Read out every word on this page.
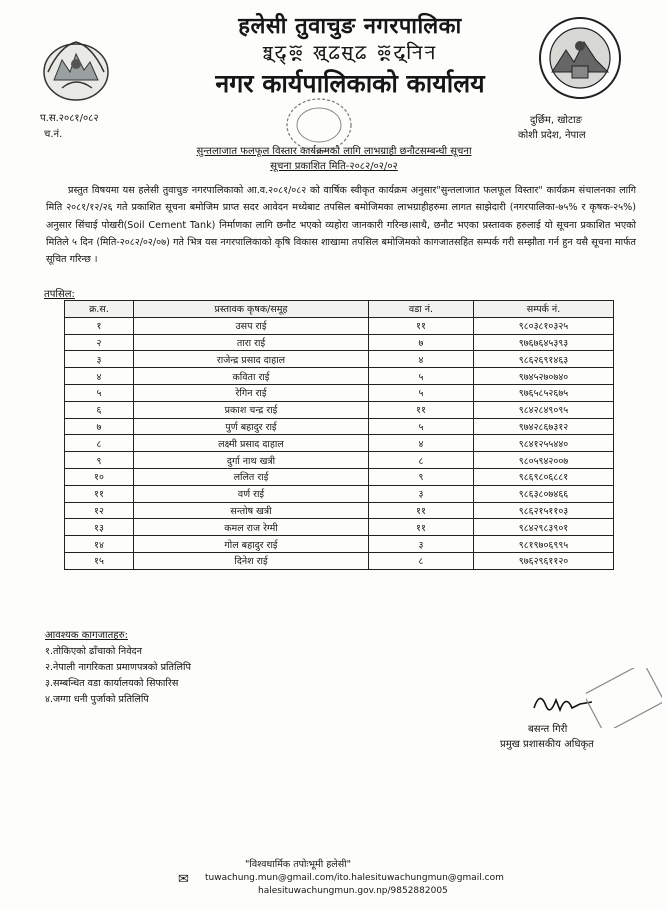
हलेसी तुवाचुङ नगरपालिका
𑐳𑑂𑐰𑐸𑐡𑑂𑐂 𑐏𑐸𑐒𑐳𑐸𑐒 𑐂𑐡𑐸𑐬𑐶𑐬
नगर कार्यपालिकाको कार्यालय
प.स.२०८१/०८२
च.नं.
दुर्छिम, खोटाङ
कोशी प्रदेश, नेपाल
सुन्तलाजात फलफूल विस्तार कार्यक्रमको लागि लाभग्राही छनौटसम्बन्धी सूचना
सूचना प्रकाशित मिति-२०८२/०२/०२
प्रस्तुत विषयमा यस हलेसी तुवाचुङ नगरपालिकाको आ.व.२०८१/०८२ को वार्षिक स्वीकृत कार्यक्रम अनुसार"सुन्तलाजात फलफूल विस्तार" कार्यक्रम संचालनका लागि मिति २०८१/१२/२६ गते प्रकाशित सूचना बमोजिम प्राप्त सदर आवेदन मध्येबाट तपसिल बमोजिमका लाभग्राहीहरुमा लागत साझेदारी (नगरपालिका-७५% र कृषक-२५%) अनुसार सिंचाई पोखरी(Soil Cement Tank) निर्माणका लागि छनौट भएको व्यहोरा जानकारी गरिन्छ।साथै, छनौट भएका प्रस्तावक हरुलाई यो सूचना प्रकाशित भएको मितिले ५ दिन (मिति-२०८२/०२/०७) गते भित्र यस नगरपालिकाको कृषि विकास शाखामा तपसिल बमोजिमको कागजातसहित सम्पर्क गरी सम्झौता गर्न हुन यसै सूचना मार्फत सूचित गरिन्छ ।
तपसिल:
क्र.स.	प्रस्तावक कृषक/समूह	वडा नं.	सम्पर्क नं.
१	उसप राई	११	९८०३८१०३२५
२	तारा राई	७	९७६७६४५३९३
३	राजेन्द्र प्रसाद दाहाल	४	९८६२६९१४६३
४	कविता राई	५	९७४५२७०७४०
५	रेगिन राई	५	९७६५८५२६७५
६	प्रकाश चन्द्र राई	११	९८४२८४९०९५
७	पुर्ण बहादुर राई	५	९७४२८६७३१२
८	लक्ष्मी प्रसाद दाहाल	४	९८४१२५५४४०
९	दुर्गा नाथ खत्री	८	९८०५९४२००७
१०	ललित राई	९	९८६९८०६८८१
११	वर्ण राई	३	९८६३८०७४६६
१२	सन्तोष खत्री	११	९८६२१५११०३
१३	कमल राज रेग्मी	११	९८४२९८३९०१
१४	गोल बहादुर राई	३	९८१९७०६९९५
१५	दिनेश राई	८	९७६२९६११२०
आवश्यक कागजातहरु:
१.तोकिएको ढाँचाको निवेदन
२.नेपाली नागरिकता प्रमाणपत्रको प्रतिलिपि
३.सम्बन्धित वडा कार्यालयको सिफारिस
४.जग्गा धनी पुर्जाको प्रतिलिपि
बसन्त गिरी
प्रमुख प्रशासकीय अधिकृत
"विश्वधार्मिक तपोःभूमी हलेसी"
✉ tuwachung.mun@gmail.com/ito.halesituwachungmun@gmail.com
halesituwachungmun.gov.np/9852882005
